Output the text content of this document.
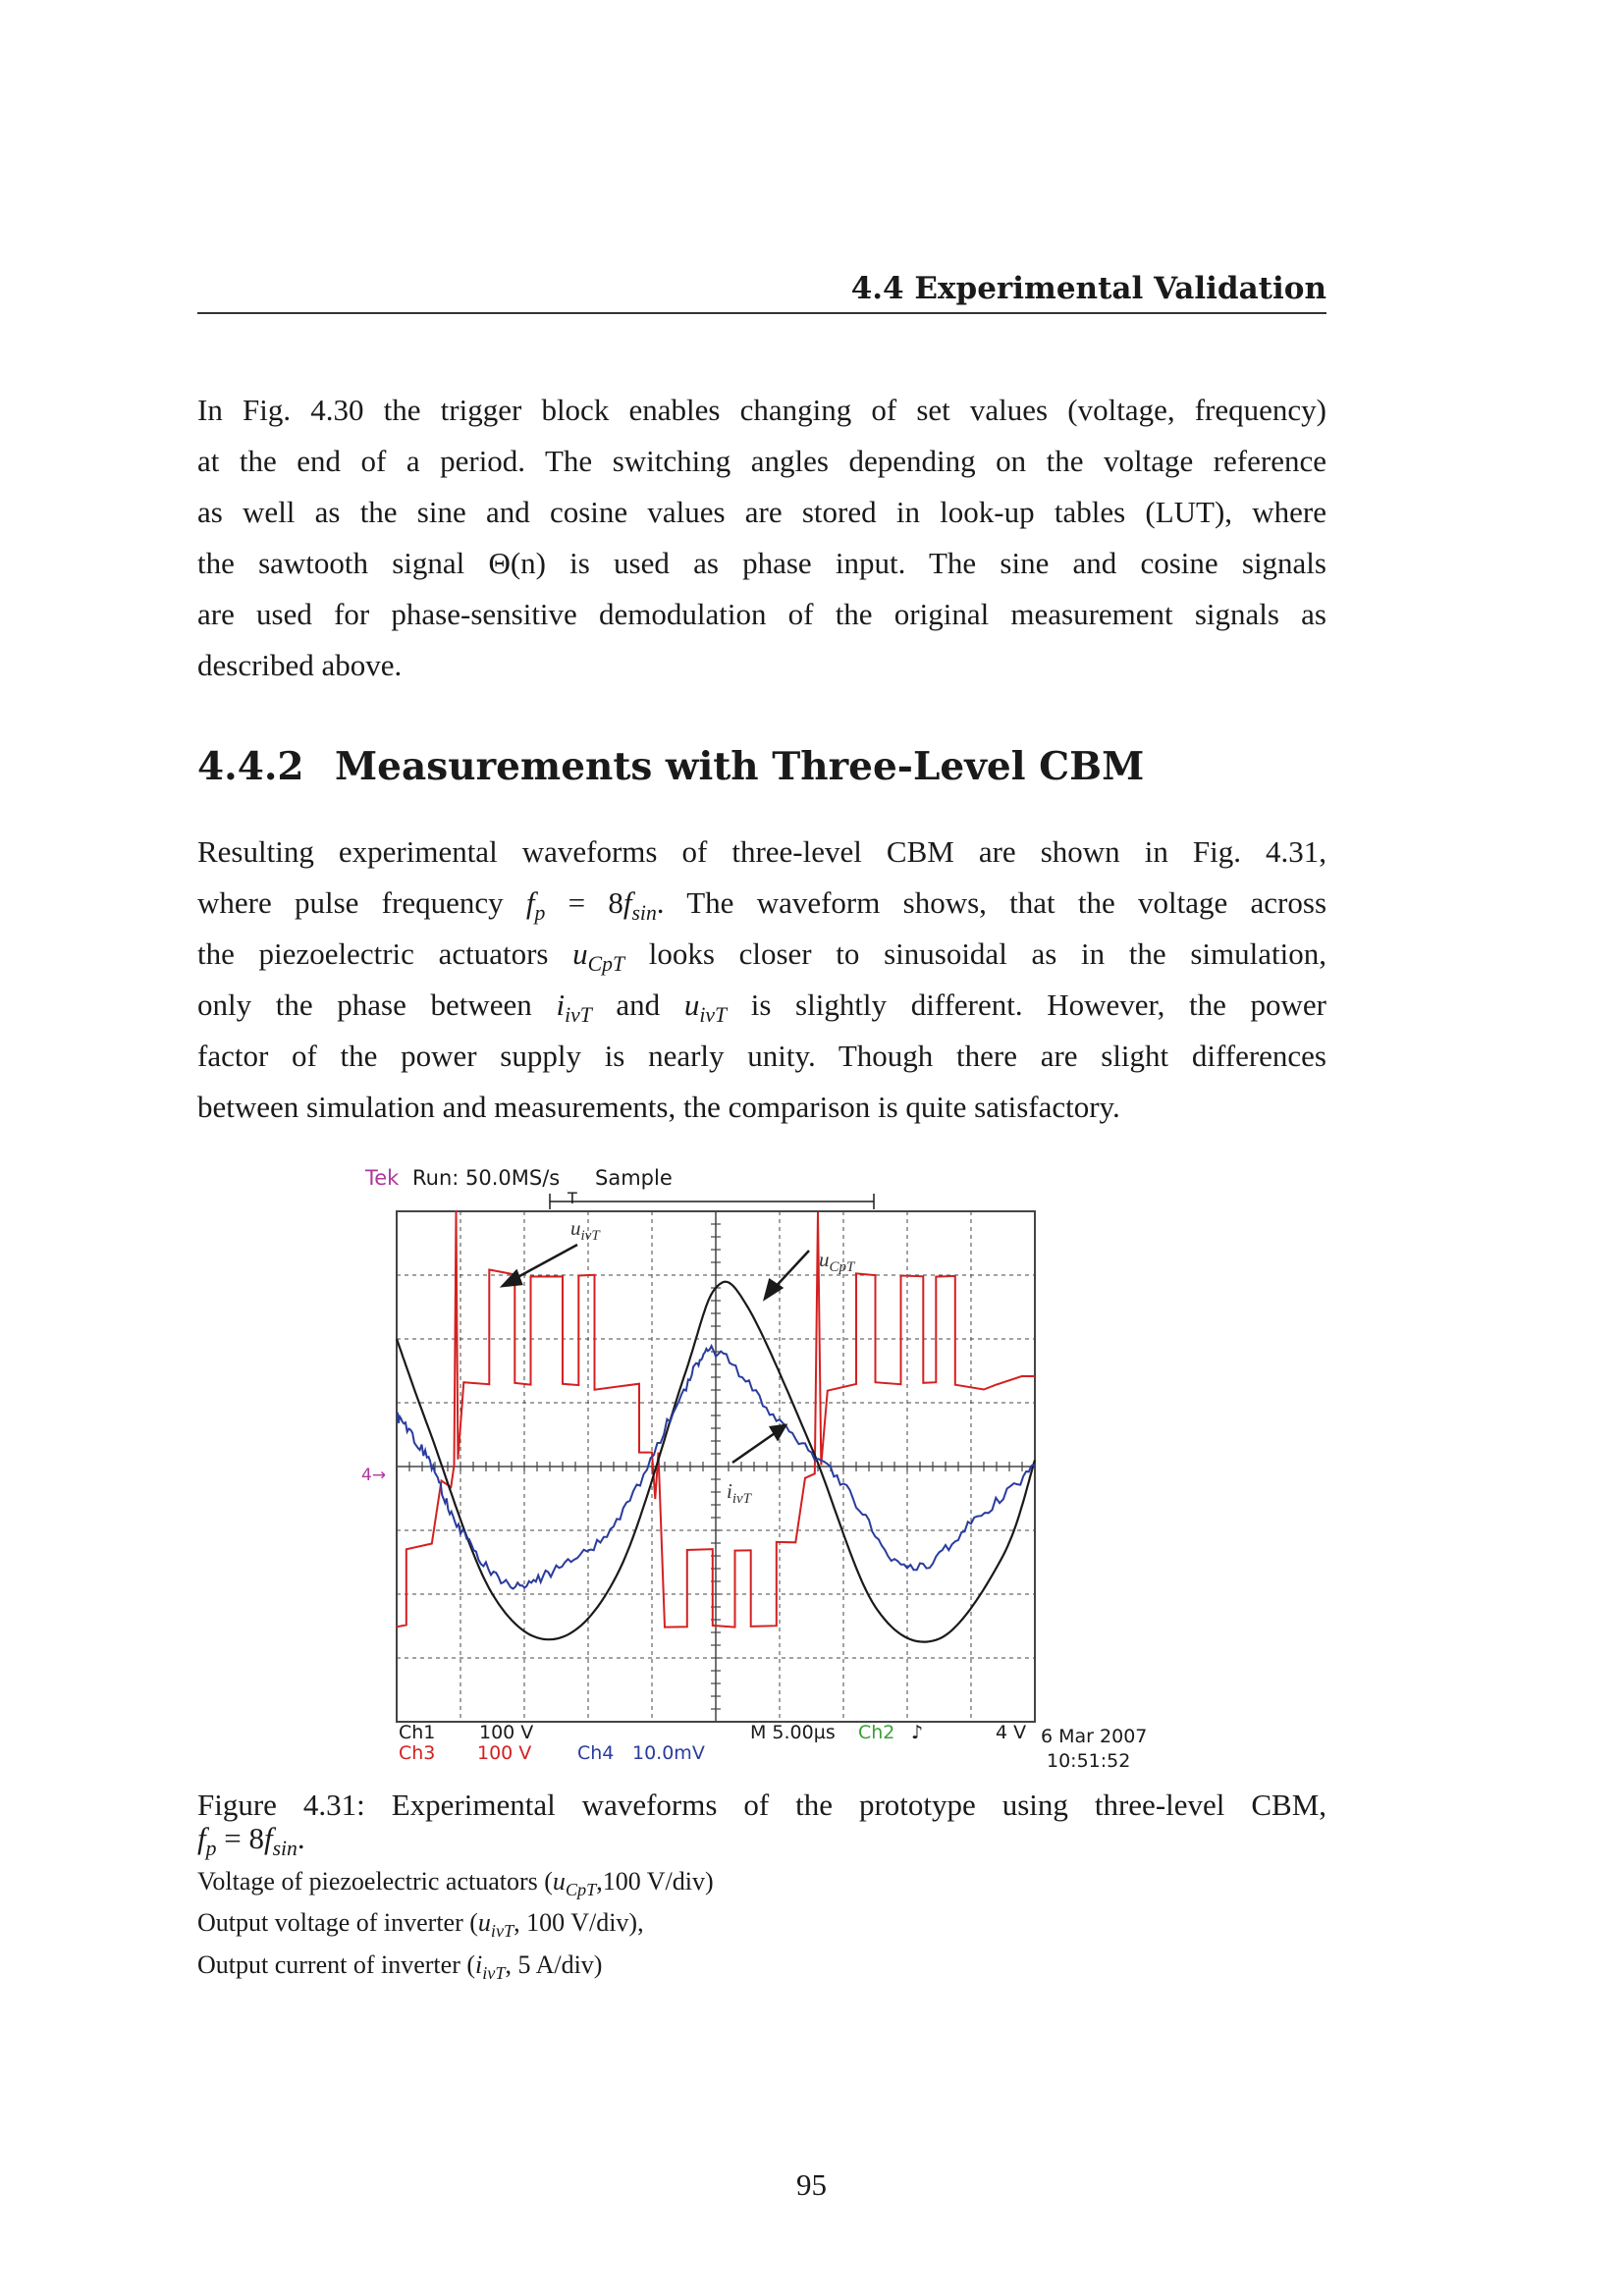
4.4 Experimental Validation
In Fig. 4.30 the trigger block enables changing of set values (voltage, frequency)
at the end of a period. The switching angles depending on the voltage reference
as well as the sine and cosine values are stored in look-up tables (LUT), where
the sawtooth signal Θ(n) is used as phase input. The sine and cosine signals
are used for phase-sensitive demodulation of the original measurement signals as
described above.
4.4.2 Measurements with Three-Level CBM
Resulting experimental waveforms of three-level CBM are shown in Fig. 4.31,
where pulse frequency $f_p = 8f_{sin}$. The waveform shows, that the voltage across
the piezoelectric actuators $u_{CpT}$ looks closer to sinusoidal as in the simulation,
only the phase between $i_{ivT}$ and $u_{ivT}$ is slightly different. However, the power
factor of the power supply is nearly unity. Though there are slight differences
between simulation and measurements, the comparison is quite satisfactory.
Tek Run: 50.0MS/s Sample
T
4→
$u_{ivT}$
$u_{CpT}$
$i_{ivT}$
Ch1 100 V
Ch3 100 V Ch4 10.0mV
M 5.00µs Ch2 ♪	4 V 6 Mar 2007
10:51:52
Figure 4.31: Experimental waveforms of the prototype using three-level CBM,
$f_p = 8f_{sin}$.
Voltage of piezoelectric actuators ($u_{CpT},100$ V/div)
Output voltage of inverter ($u_{ivT}$, 100 V/div),
Output current of inverter ($i_{ivT}$, 5 A/div)
95
